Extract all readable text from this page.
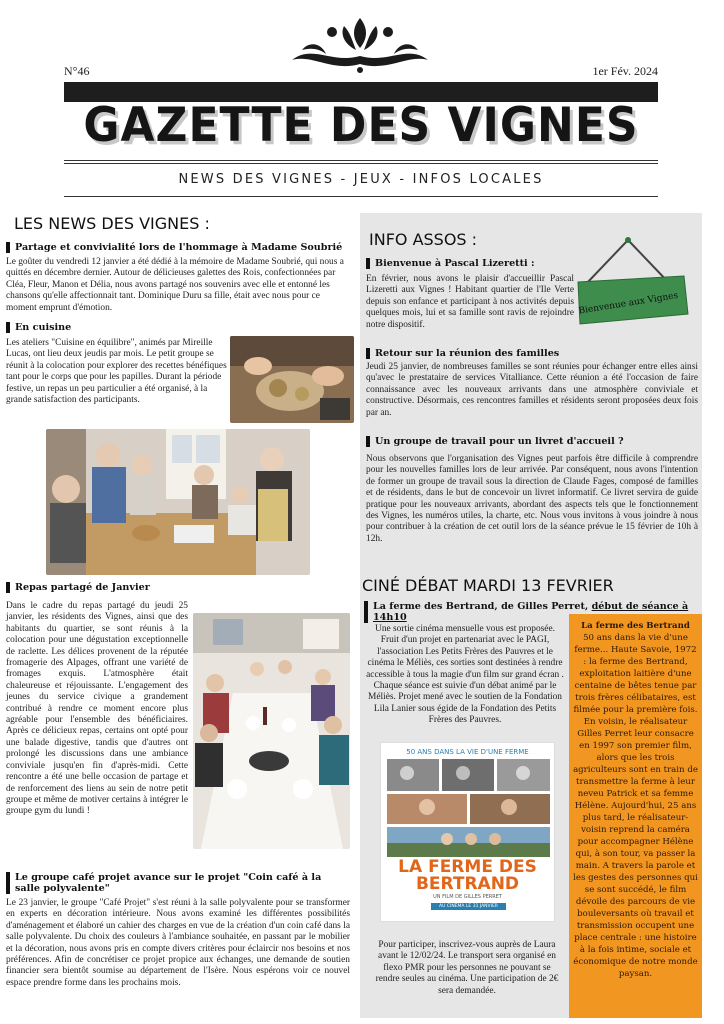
N°46	1er Fév. 2024
GAZETTE DES VIGNES
NEWS DES VIGNES - JEUX - INFOS LOCALES
LES NEWS DES VIGNES :
Partage et convivialité lors de l'hommage à Madame Soubrié
Le goûter du vendredi 12 janvier a été dédié à la mémoire de Madame Soubrié, qui nous a quittés en décembre dernier. Autour de délicieuses galettes des Rois, confectionnées par Cléa, Fleur, Manon et Délia, nous avons partagé nos souvenirs avec elle et entonné les chansons qu'elle affectionnait tant. Dominique Duru sa fille, était avec nous pour ce moment emprunt d'émotion.
En cuisine
Les ateliers "Cuisine en équilibre", animés par Mireille Lucas, ont lieu deux jeudis par mois. Le petit groupe se réunit à la colocation pour explorer des recettes bénéfiques tant pour le corps que pour les papilles. Durant la période festive, un repas un peu particulier a été organisé, à la grande satisfaction des participants.
Repas partagé de Janvier
Dans le cadre du repas partagé du jeudi 25 janvier, les résidents des Vignes, ainsi que des habitants du quartier, se sont réunis à la colocation pour une dégustation exceptionnelle de raclette. Les délices provenent de la réputée fromagerie des Alpages, offrant une variété de fromages exquis. L'atmosphère était chaleureuse et réjouissante. L'engagement des jeunes du service civique a grandement contribué à rendre ce moment encore plus agréable pour l'ensemble des bénéficiaires. Après ce délicieux repas, certains ont opté pour une balade digestive, tandis que d'autres ont prolongé les discussions dans une ambiance conviviale jusqu'en fin d'après-midi. Cette rencontre a été une belle occasion de partage et de renforcement des liens au sein de notre petit groupe et même de motiver certains à intégrer le groupe gym du lundi !
Le groupe café projet avance sur le projet "Coin café à la salle polyvalente"
Le 23 janvier, le groupe "Café Projet" s'est réuni à la salle polyvalente pour se transformer en experts en décoration intérieure. Nous avons examiné les différentes possibilités d'aménagement et élaboré un cahier des charges en vue de la création d'un coin café dans la salle polyvalente. Du choix des couleurs à l'ambiance souhaitée, en passant par le mobilier et la décoration, nous avons pris en compte divers critères pour éclaircir nos besoins et nos préférences. Afin de concrétiser ce projet propice aux échanges, une demande de soutien financier sera bientôt soumise au département de l'Isère. Nous espérons voir ce nouvel espace prendre forme dans les prochains mois.
INFO ASSOS :
Bienvenue aux Vignes
Bienvenue à Pascal Lizeretti :
En février, nous avons le plaisir d'accueillir Pascal Lizeretti aux Vignes ! Habitant quartier de l'Ile Verte depuis son enfance et participant à nos activités depuis quelques mois, lui et sa famille sont ravis de rejoindre notre dispositif.
Retour sur la réunion des familles
Jeudi 25 janvier, de nombreuses familles se sont réunies pour échanger entre elles ainsi qu'avec le prestataire de services Vitalliance. Cette réunion a été l'occasion de faire connaissance avec les nouveaux arrivants dans une atmosphère conviviale et constructive. Désormais, ces rencontres familles et résidents seront proposées deux fois par an.
Un groupe de travail pour un livret d'accueil ?
Nous observons que l'organisation des Vignes peut parfois être difficile à comprendre pour les nouvelles familles lors de leur arrivée. Par conséquent, nous avons l'intention de former un groupe de travail sous la direction de Claude Fages, composé de familles et de résidents, dans le but de concevoir un livret informatif. Ce livret servira de guide pratique pour les nouveaux arrivants, abordant des aspects tels que le fonctionnement des Vignes, les numéros utiles, la charte, etc. Nous vous invitons à vous joindre à nous pour contribuer à la création de cet outil lors de la séance prévue le 15 février de 10h à 12h.
CINÉ DÉBAT MARDI 13 FEVRIER
La ferme des Bertrand, de Gilles Perret, début de séance à 14h10
Une sortie cinéma mensuelle vous est proposée. Fruit d'un projet en partenariat avec le PAGI, l'association Les Petits Frères des Pauvres et le cinéma le Méliès, ces sorties sont destinées à rendre accessible à tous la magie d'un film sur grand écran . Chaque séance est suivie d'un débat animé par le Méliès. Projet mené avec le soutien de la Fondation Lila Lanier sous égide de la Fondation des Petits Frères des Pauvres.
50 ANS DANS LA VIE D'UNE FERME
LA FERME DES BERTRAND
UN FILM DE GILLES PERRET
AU CINÉMA LE 31 JANVIER
Pour participer, inscrivez-vous auprès de Laura avant le 12/02/24. Le transport sera organisé en flexo PMR pour les personnes ne pouvant se rendre seules au cinéma. Une participation de 2€ sera demandée.
La ferme des Bertrand
50 ans dans la vie d'une ferme... Haute Savoie, 1972 : la ferme des Bertrand, exploitation laitière d'une centaine de bêtes tenue par trois frères célibataires, est filmée pour la première fois. En voisin, le réalisateur Gilles Perret leur consacre en 1997 son premier film, alors que les trois agriculteurs sont en train de transmettre la ferme à leur neveu Patrick et sa femme Hélène. Aujourd'hui, 25 ans plus tard, le réalisateur-voisin reprend la caméra pour accompagner Hélène qui, à son tour, va passer la main. A travers la parole et les gestes des personnes qui se sont succédé, le film dévoile des parcours de vie bouleversants où travail et transmission occupent une place centrale : une histoire à la fois intime, sociale et économique de notre monde paysan.
